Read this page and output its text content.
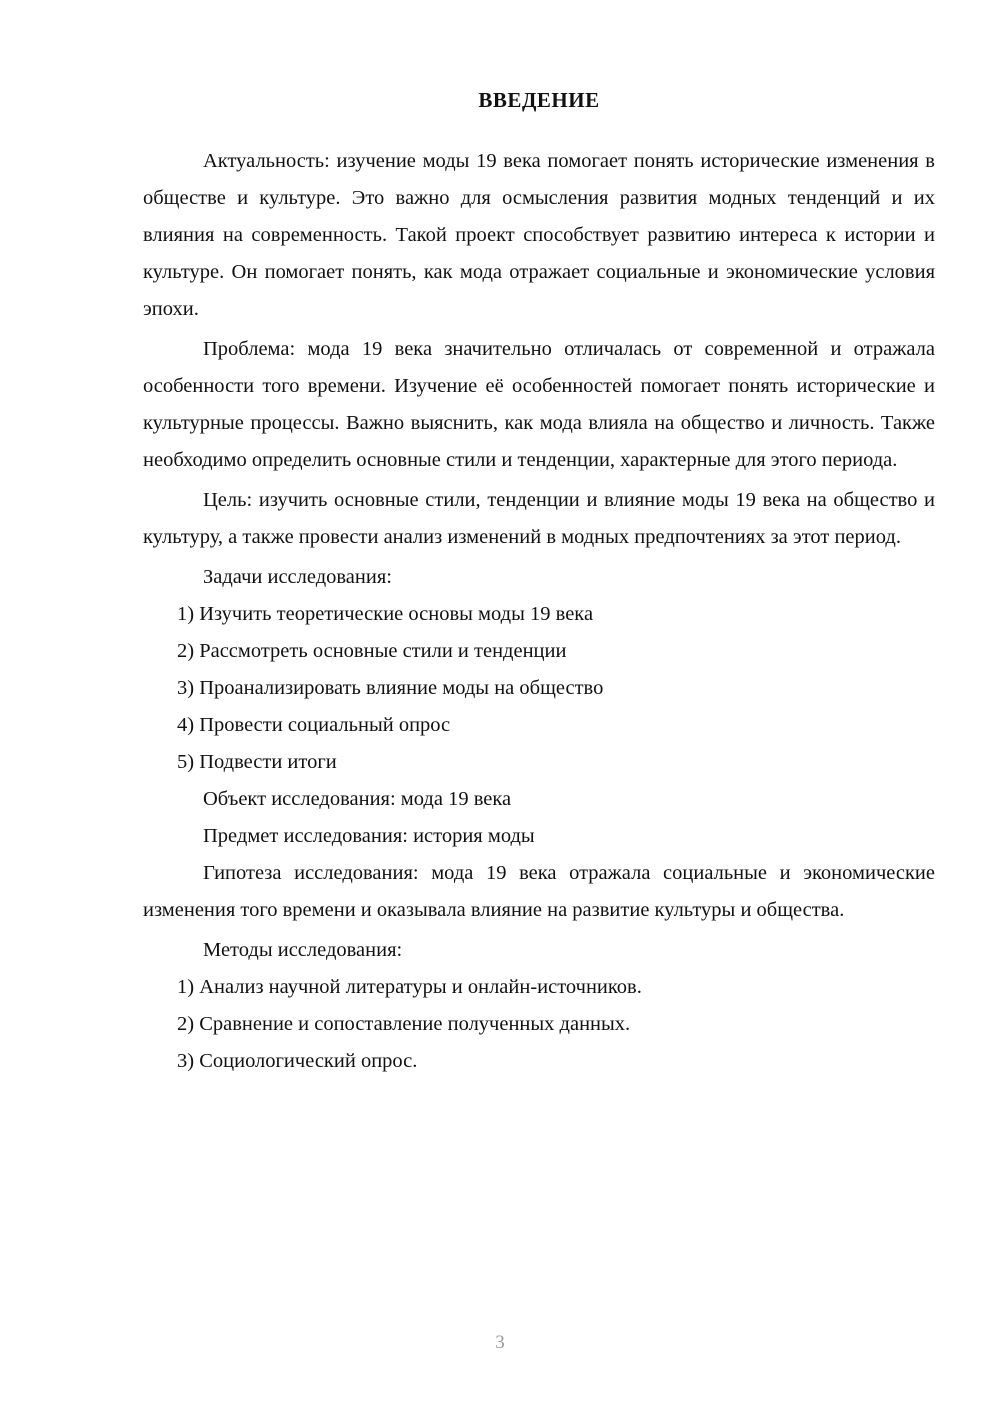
ВВЕДЕНИЕ

Актуальность: изучение моды 19 века помогает понять исторические изменения в обществе и культуре. Это важно для осмысления развития модных тенденций и их влияния на современность. Такой проект способствует развитию интереса к истории и культуре. Он помогает понять, как мода отражает социальные и экономические условия эпохи.

Проблема: мода 19 века значительно отличалась от современной и отражала особенности того времени. Изучение её особенностей помогает понять исторические и культурные процессы. Важно выяснить, как мода влияла на общество и личность. Также необходимо определить основные стили и тенденции, характерные для этого периода.

Цель: изучить основные стили, тенденции и влияние моды 19 века на общество и культуру, а также провести анализ изменений в модных предпочтениях за этот период.

Задачи исследования:

1) Изучить теоретические основы моды 19 века
2) Рассмотреть основные стили и тенденции
3) Проанализировать влияние моды на общество
4) Провести социальный опрос
5) Подвести итоги

Объект исследования: мода 19 века

Предмет исследования: история моды

Гипотеза исследования: мода 19 века отражала социальные и экономические изменения того времени и оказывала влияние на развитие культуры и общества.

Методы исследования:

1) Анализ научной литературы и онлайн-источников.
2) Сравнение и сопоставление полученных данных.
3) Социологический опрос.
3
